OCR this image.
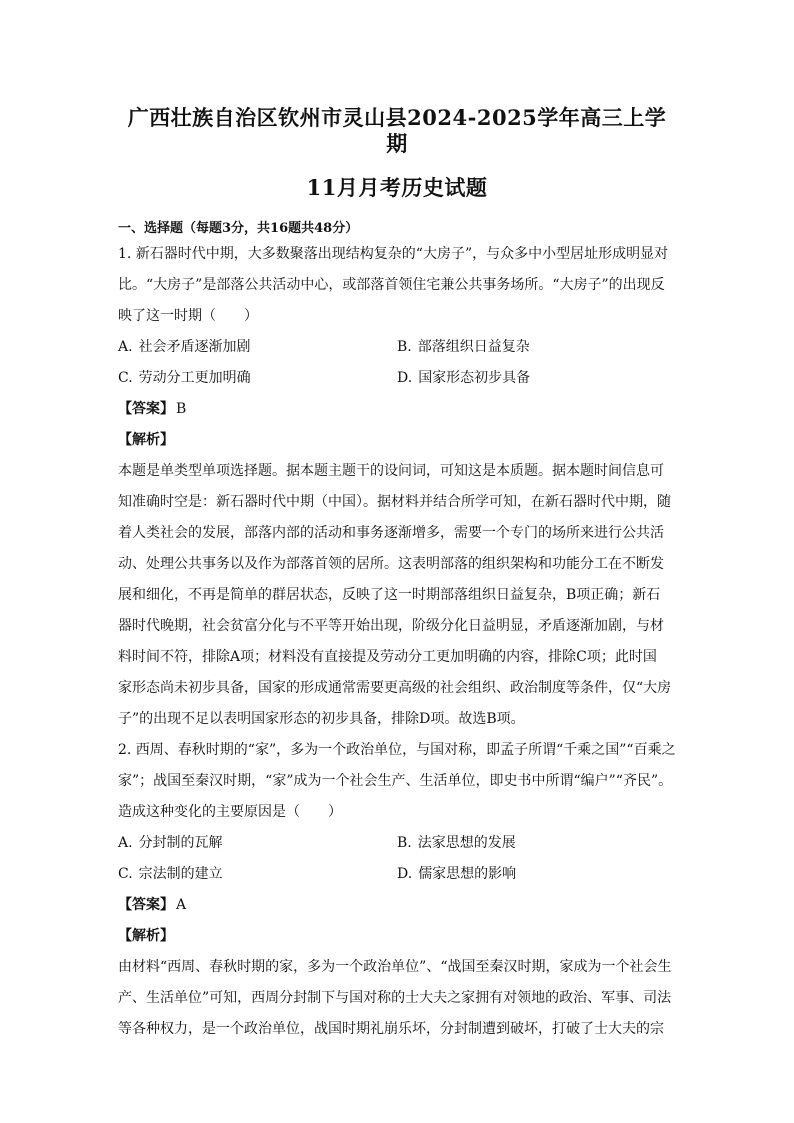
广西壮族自治区钦州市灵山县2024-2025学年高三上学期
11月月考历史试题
一、选择题（每题3分，共16题共48分）

1. 新石器时代中期，大多数聚落出现结构复杂的“大房子”，与众多中小型居址形成明显对

比。“大房子”是部落公共活动中心，或部落首领住宅兼公共事务场所。“大房子”的出现反

映了这一时期（　　）

A. 社会矛盾逐渐加剧	B. 部落组织日益复杂
C. 劳动分工更加明确	D. 国家形态初步具备
【答案】 B
【解析】

本题是单类型单项选择题。据本题主题干的设问词，可知这是本质题。据本题时间信息可

知准确时空是：新石器时代中期（中国）。据材料并结合所学可知，在新石器时代中期，随

着人类社会的发展，部落内部的活动和事务逐渐增多，需要一个专门的场所来进行公共活

动、处理公共事务以及作为部落首领的居所。这表明部落的组织架构和功能分工在不断发

展和细化，不再是简单的群居状态，反映了这一时期部落组织日益复杂，B项正确；新石

器时代晚期，社会贫富分化与不平等开始出现，阶级分化日益明显，矛盾逐渐加剧，与材

料时间不符，排除A项；材料没有直接提及劳动分工更加明确的内容，排除C项；此时国

家形态尚未初步具备，国家的形成通常需要更高级的社会组织、政治制度等条件，仅“大房

子”的出现不足以表明国家形态的初步具备，排除D项。故选B项。

2. 西周、春秋时期的“家”，多为一个政治单位，与国对称，即孟子所谓“千乘之国”“百乘之

家”；战国至秦汉时期，“家”成为一个社会生产、生活单位，即史书中所谓“编户”“齐民”。

造成这种变化的主要原因是（　　）

A. 分封制的瓦解	B. 法家思想的发展
C. 宗法制的建立	D. 儒家思想的影响
【答案】 A
【解析】

由材料“西周、春秋时期的家，多为一个政治单位”、“战国至秦汉时期，家成为一个社会生

产、生活单位”可知，西周分封制下与国对称的士大夫之家拥有对领地的政治、军事、司法

等各种权力，是一个政治单位，战国时期礼崩乐坏，分封制遭到破坏，打破了士大夫的宗
